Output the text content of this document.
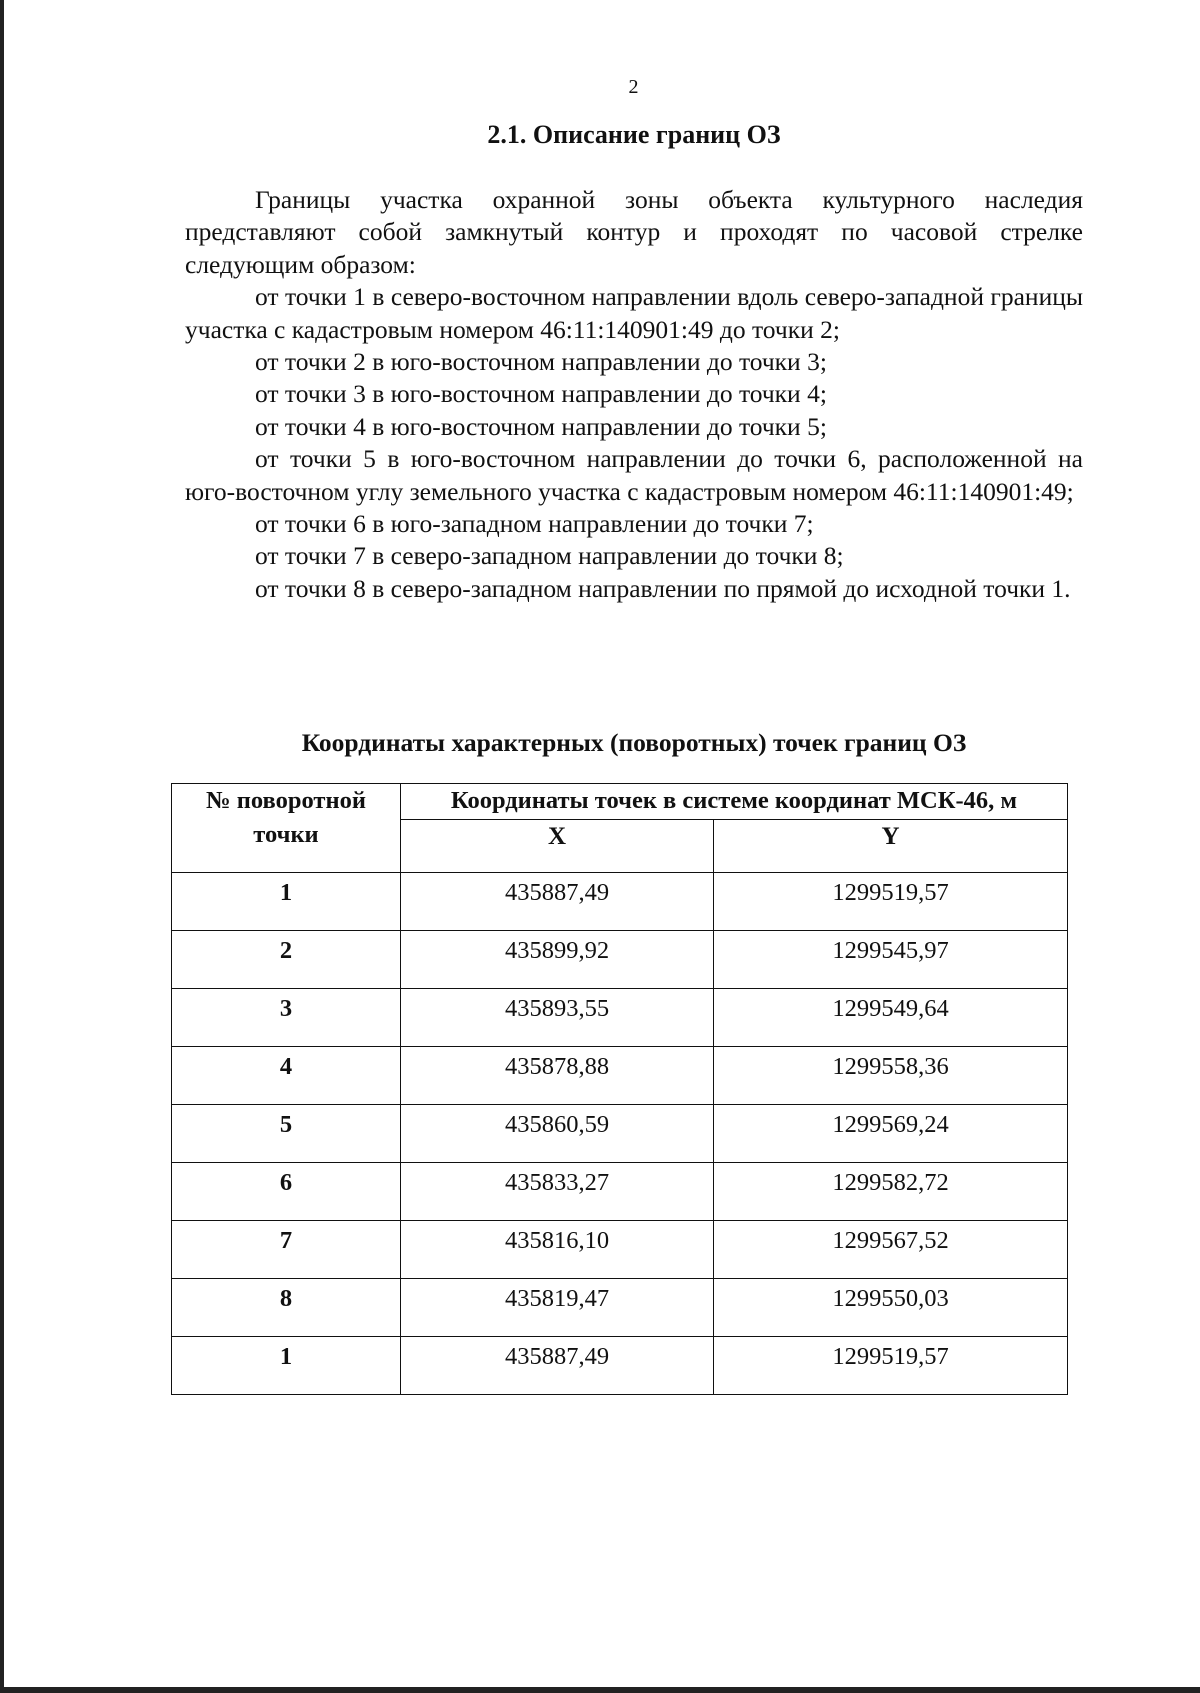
2
2.1. Описание границ ОЗ

Границы участка охранной зоны объекта культурного наследия представляют собой замкнутый контур и проходят по часовой стрелке следующим образом:

от точки 1 в северо-восточном направлении вдоль северо-западной границы участка с кадастровым номером 46:11:140901:49 до точки 2;

от точки 2 в юго-восточном направлении до точки 3;

от точки 3 в юго-восточном направлении до точки 4;

от точки 4 в юго-восточном направлении до точки 5;

от точки 5 в юго-восточном направлении до точки 6, расположенной на юго-восточном углу земельного участка с кадастровым номером 46:11:140901:49;

от точки 6 в юго-западном направлении до точки 7;

от точки 7 в северо-западном направлении до точки 8;

от точки 8 в северо-западном направлении по прямой до исходной точки 1.

Координаты характерных (поворотных) точек границ ОЗ
№ поворотной точки	Координаты точек в системе координат МСК-46, м	
	X	Y
1	435887,49	1299519,57
2	435899,92	1299545,97
3	435893,55	1299549,64
4	435878,88	1299558,36
5	435860,59	1299569,24
6	435833,27	1299582,72
7	435816,10	1299567,52
8	435819,47	1299550,03
1	435887,49	1299519,57
